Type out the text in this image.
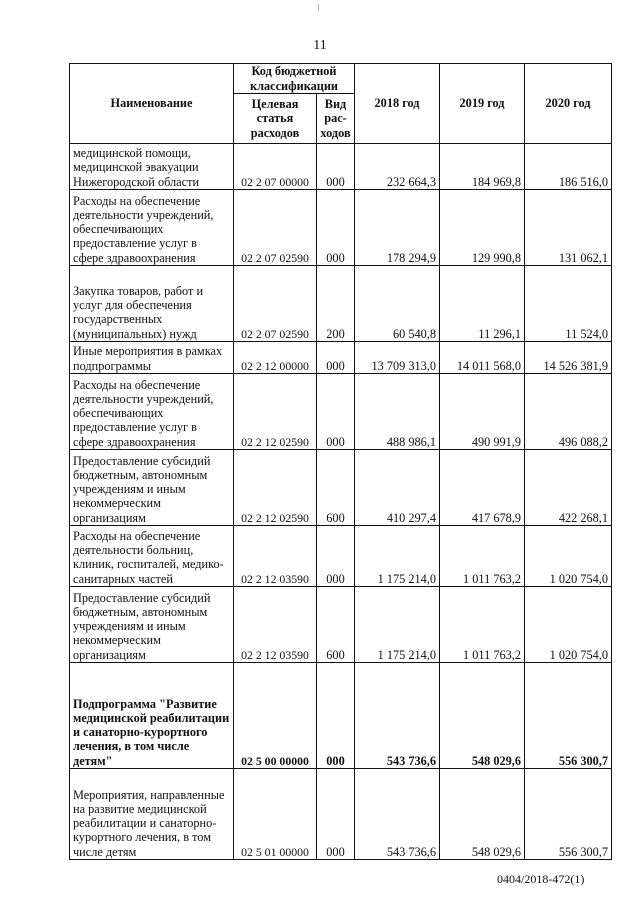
11
Наименование	Код бюджетной классификации		2018 год	2019 год	2020 год
	Целевая статья расходов	Вид рас-ходов			
медицинской помощи, медицинской эвакуации Нижегородской области	02 2 07 00000	000	232 664,3	184 969,8	186 516,0
Расходы на обеспечение деятельности учреждений, обеспечивающих предоставление услуг в сфере здравоохранения	02 2 07 02590	000	178 294,9	129 990,8	131 062,1
Закупка товаров, работ и услуг для обеспечения государственных (муниципальных) нужд	02 2 07 02590	200	60 540,8	11 296,1	11 524,0
Иные мероприятия в рамках подпрограммы	02 2 12 00000	000	13 709 313,0	14 011 568,0	14 526 381,9
Расходы на обеспечение деятельности учреждений, обеспечивающих предоставление услуг в сфере здравоохранения	02 2 12 02590	000	488 986,1	490 991,9	496 088,2
Предоставление субсидий бюджетным, автономным учреждениям и иным некоммерческим организациям	02 2 12 02590	600	410 297,4	417 678,9	422 268,1
Расходы на обеспечение деятельности больниц, клиник, госпиталей, медико-санитарных частей	02 2 12 03590	000	1 175 214,0	1 011 763,2	1 020 754,0
Предоставление субсидий бюджетным, автономным учреждениям и иным некоммерческим организациям	02 2 12 03590	600	1 175 214,0	1 011 763,2	1 020 754,0
Подпрограмма "Развитие медицинской реабилитации и санаторно-курортного лечения, в том числе детям"	02 5 00 00000	000	543 736,6	548 029,6	556 300,7
Мероприятия, направленные на развитие медицинской реабилитации и санаторно-курортного лечения, в том числе детям	02 5 01 00000	000	543 736,6	548 029,6	556 300,7
0404/2018-472(1)
